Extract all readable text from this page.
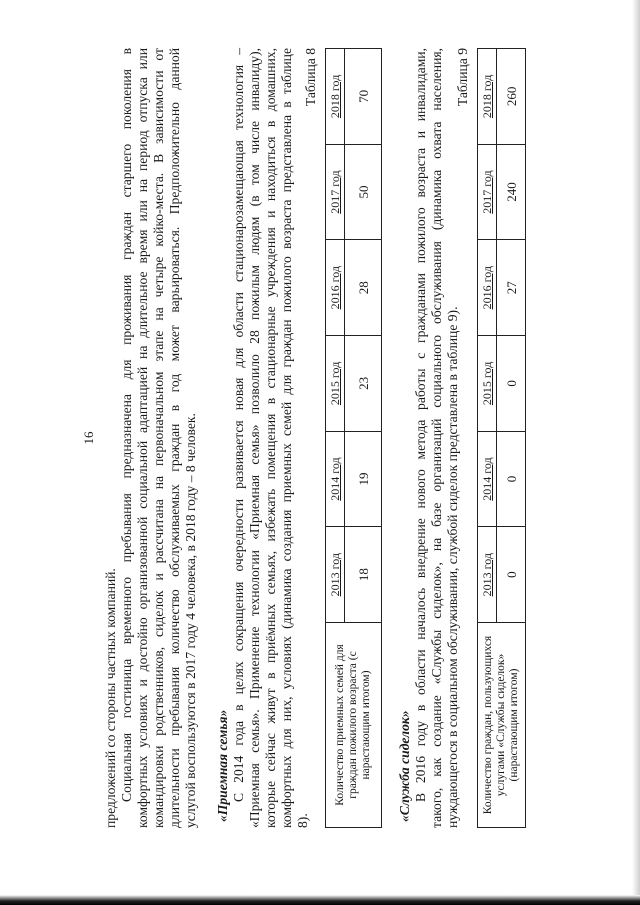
16
предложений со стороны частных компаний. Социальная гостиница временного пребывания предназначена для проживания граждан старшего поколения в комфортных условиях и достойно организованной социальной адаптацией на длительное время или на период отпуска или командировки родственников, сиделок и рассчитана на первоначальном этапе на четыре койко-места. В зависимости от длительности пребывания количество обслуживаемых граждан в год может варьироваться. Предположительно данной услугой воспользуются в 2017 году 4 человека, в 2018 году – 8 человек. «Приемная семья» С 2014 года в целях сокращения очередности развивается новая для области стационарозамещающая технология – «Приемная семья». Применение технологии «Приемная семья» позволило 28 пожилым людям (в том числе инвалиду), которые сейчас живут в приёмных семьях, избежать помещения в стационарные учреждения и находиться в домашних, комфортных для них, условиях (динамика создания приемных семей для граждан пожилого возраста представлена в таблице 8).
Таблица 8
Количество приемных семей для граждан пожилого возраста (с нарастающим итогом)	2013 год	2014 год	2015 год	2016 год	2017 год	2018 год
	18	19	23	28	50	70
«Служба сиделок» В 2016 году в области началось внедрение нового метода работы с гражданами пожилого возраста и инвалидами, такого, как создание «Службы сиделок», на базе организаций социального обслуживания (динамика охвата населения, нуждающегося в социальном обслуживании, службой сиделок представлена в таблице 9).
Таблица 9
Количество граждан, пользующихся услугами «Службы сиделок» (нарастающим итогом)	2013 год	2014 год	2015 год	2016 год	2017 год	2018 год
	0	0	0	27	240	260
